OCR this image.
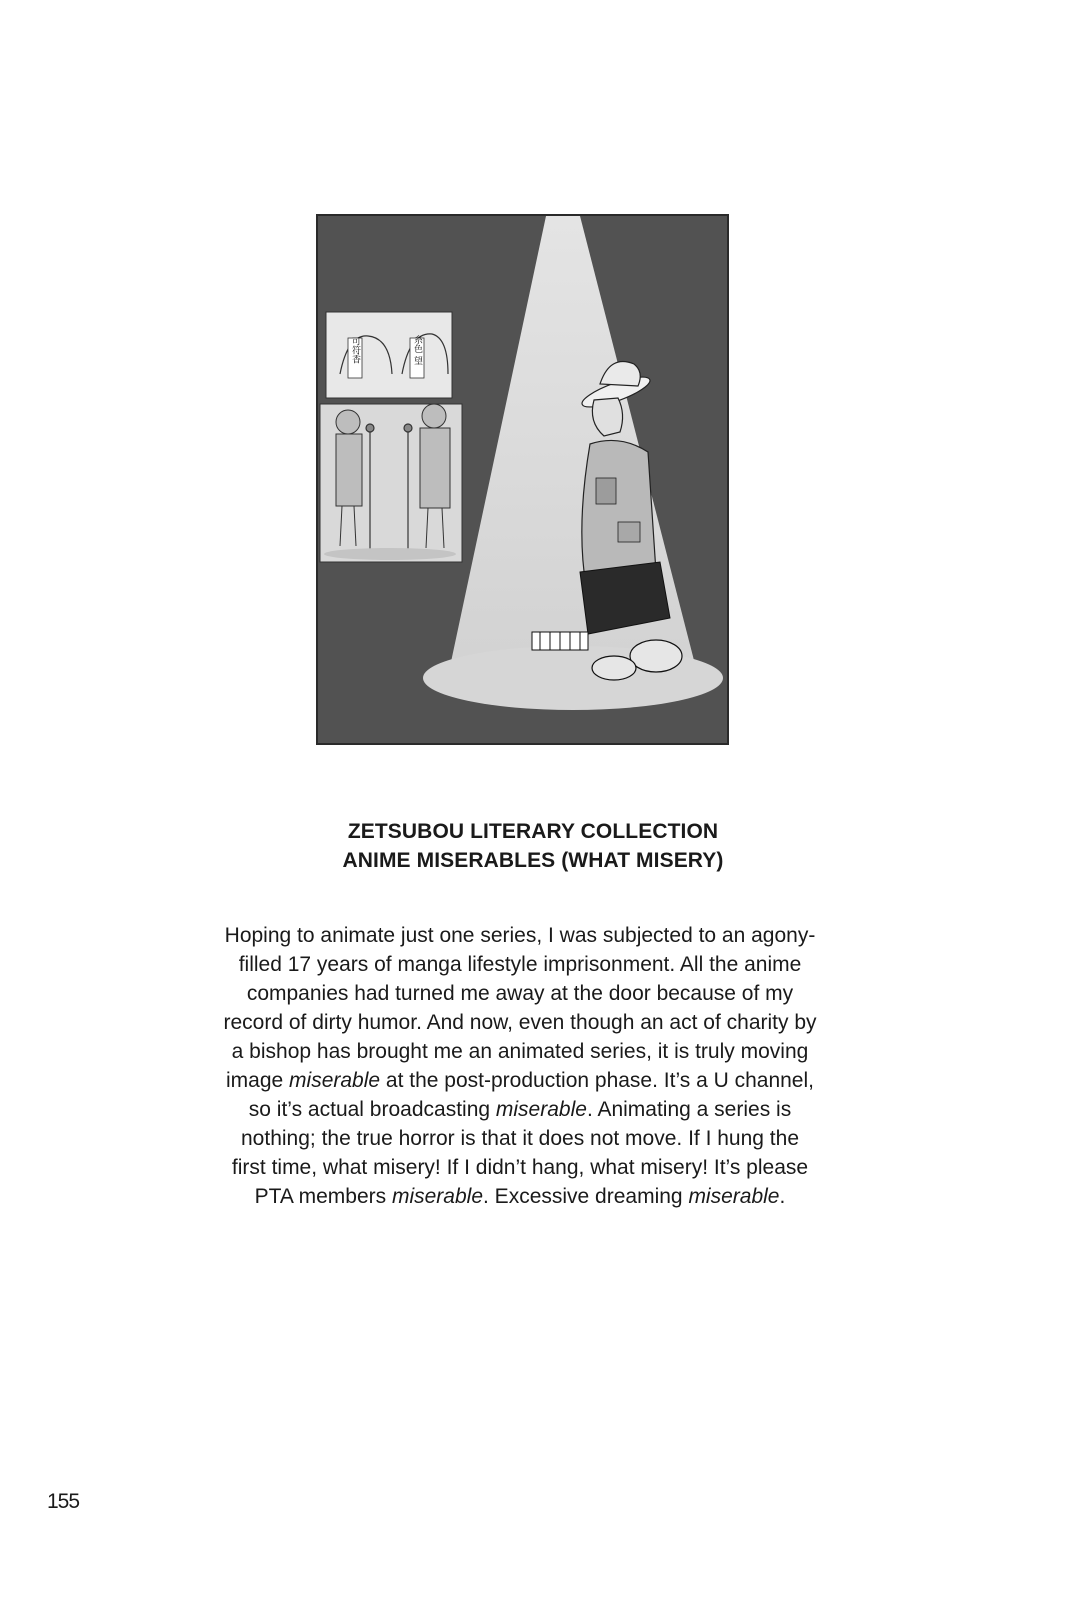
可符香	糸色 望
ZETSUBOU LITERARY COLLECTION
ANIME MISERABLES (WHAT MISERY)
Hoping to animate just one series, I was subjected to an agony-
filled 17 years of manga lifestyle imprisonment. All the anime
companies had turned me away at the door because of my
record of dirty humor. And now, even though an act of charity by
a bishop has brought me an animated series, it is truly moving
image miserable at the post-production phase. It’s a U channel,
so it’s actual broadcasting miserable. Animating a series is
nothing; the true horror is that it does not move. If I hung the
first time, what misery! If I didn’t hang, what misery! It’s please
PTA members miserable. Excessive dreaming miserable.
155
